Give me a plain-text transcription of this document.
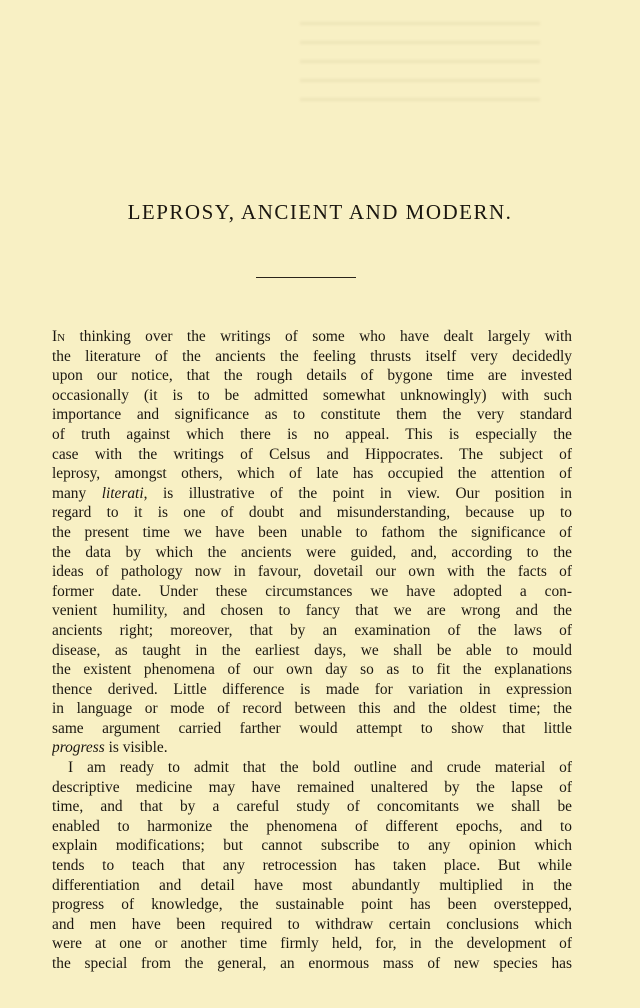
LEPROSY, ANCIENT AND MODERN.
In thinking over the writings of some who have dealt largely with
the literature of the ancients the feeling thrusts itself very decidedly
upon our notice, that the rough details of bygone time are invested
occasionally (it is to be admitted somewhat unknowingly) with such
importance and significance as to constitute them the very standard
of truth against which there is no appeal. This is especially the
case with the writings of Celsus and Hippocrates. The subject of
leprosy, amongst others, which of late has occupied the attention of
many literati, is illustrative of the point in view. Our position in
regard to it is one of doubt and misunderstanding, because up to
the present time we have been unable to fathom the significance of
the data by which the ancients were guided, and, according to the
ideas of pathology now in favour, dovetail our own with the facts of
former date. Under these circumstances we have adopted a con-
venient humility, and chosen to fancy that we are wrong and the
ancients right; moreover, that by an examination of the laws of
disease, as taught in the earliest days, we shall be able to mould
the existent phenomena of our own day so as to fit the explanations
thence derived. Little difference is made for variation in expression
in language or mode of record between this and the oldest time; the
same argument carried farther would attempt to show that little
progress is visible.
I am ready to admit that the bold outline and crude material of
descriptive medicine may have remained unaltered by the lapse of
time, and that by a careful study of concomitants we shall be
enabled to harmonize the phenomena of different epochs, and to
explain modifications; but cannot subscribe to any opinion which
tends to teach that any retrocession has taken place. But while
differentiation and detail have most abundantly multiplied in the
progress of knowledge, the sustainable point has been overstepped,
and men have been required to withdraw certain conclusions which
were at one or another time firmly held, for, in the development of
the special from the general, an enormous mass of new species has
